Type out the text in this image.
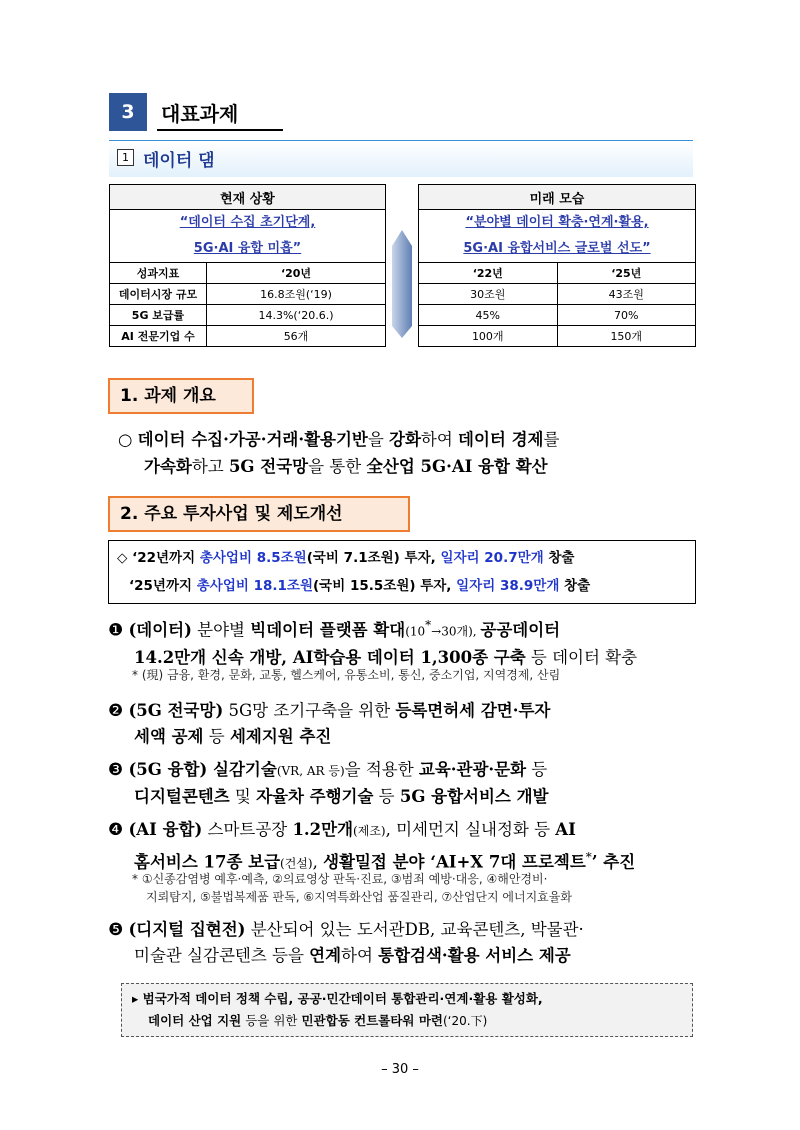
3	대표과제
1 데이터 댐
현재 상황	
“데이터 수집 초기단계,	
5G·AI 융합 미흡”	
성과지표	‘20년
데이터시장 규모	16.8조원(‘19)
5G 보급률	14.3%(‘20.6.)
AI 전문기업 수	56개
미래 모습	
“분야별 데이터 확충·연계·활용,	
5G·AI 융합서비스 글로벌 선도”	
‘22년	‘25년
30조원	43조원
45%	70%
100개	150개
1. 과제 개요
○ 데이터 수집·가공·거래·활용기반을 강화하여 데이터 경제를
가속화하고 5G 전국망을 통한 全산업 5G·AI 융합 확산
2. 주요 투자사업 및 제도개선
◇ ‘22년까지 총사업비 8.5조원(국비 7.1조원) 투자, 일자리 20.7만개 창출
‘25년까지 총사업비 18.1조원(국비 15.5조원) 투자, 일자리 38.9만개 창출
❶ (데이터) 분야별 빅데이터 플랫폼 확대(10*→30개), 공공데이터
14.2만개 신속 개방, AI학습용 데이터 1,300종 구축 등 데이터 확충
* (現) 금융, 환경, 문화, 교통, 헬스케어, 유통소비, 통신, 중소기업, 지역경제, 산림
❷ (5G 전국망) 5G망 조기구축을 위한 등록면허세 감면·투자
세액 공제 등 세제지원 추진
❸ (5G 융합) 실감기술(VR, AR 등)을 적용한 교육·관광·문화 등
디지털콘텐츠 및 자율차 주행기술 등 5G 융합서비스 개발
❹ (AI 융합) 스마트공장 1.2만개(제조), 미세먼지 실내정화 등 AI
홈서비스 17종 보급(건설), 생활밀접 분야 ‘AI+X 7대 프로젝트*’ 추진
* ①신종감염병 예후·예측, ②의료영상 판독·진료, ③범죄 예방·대응, ④해안경비·
지뢰탐지, ⑤불법복제품 판독, ⑥지역특화산업 품질관리, ⑦산업단지 에너지효율화
❺ (디지털 집현전) 분산되어 있는 도서관DB, 교육콘텐츠, 박물관·
미술관 실감콘텐츠 등을 연계하여 통합검색·활용 서비스 제공
▸ 범국가적 데이터 정책 수립, 공공·민간데이터 통합관리·연계·활용 활성화,
데이터 산업 지원 등을 위한 민관합동 컨트롤타워 마련(‘20.下)
– 30 –
